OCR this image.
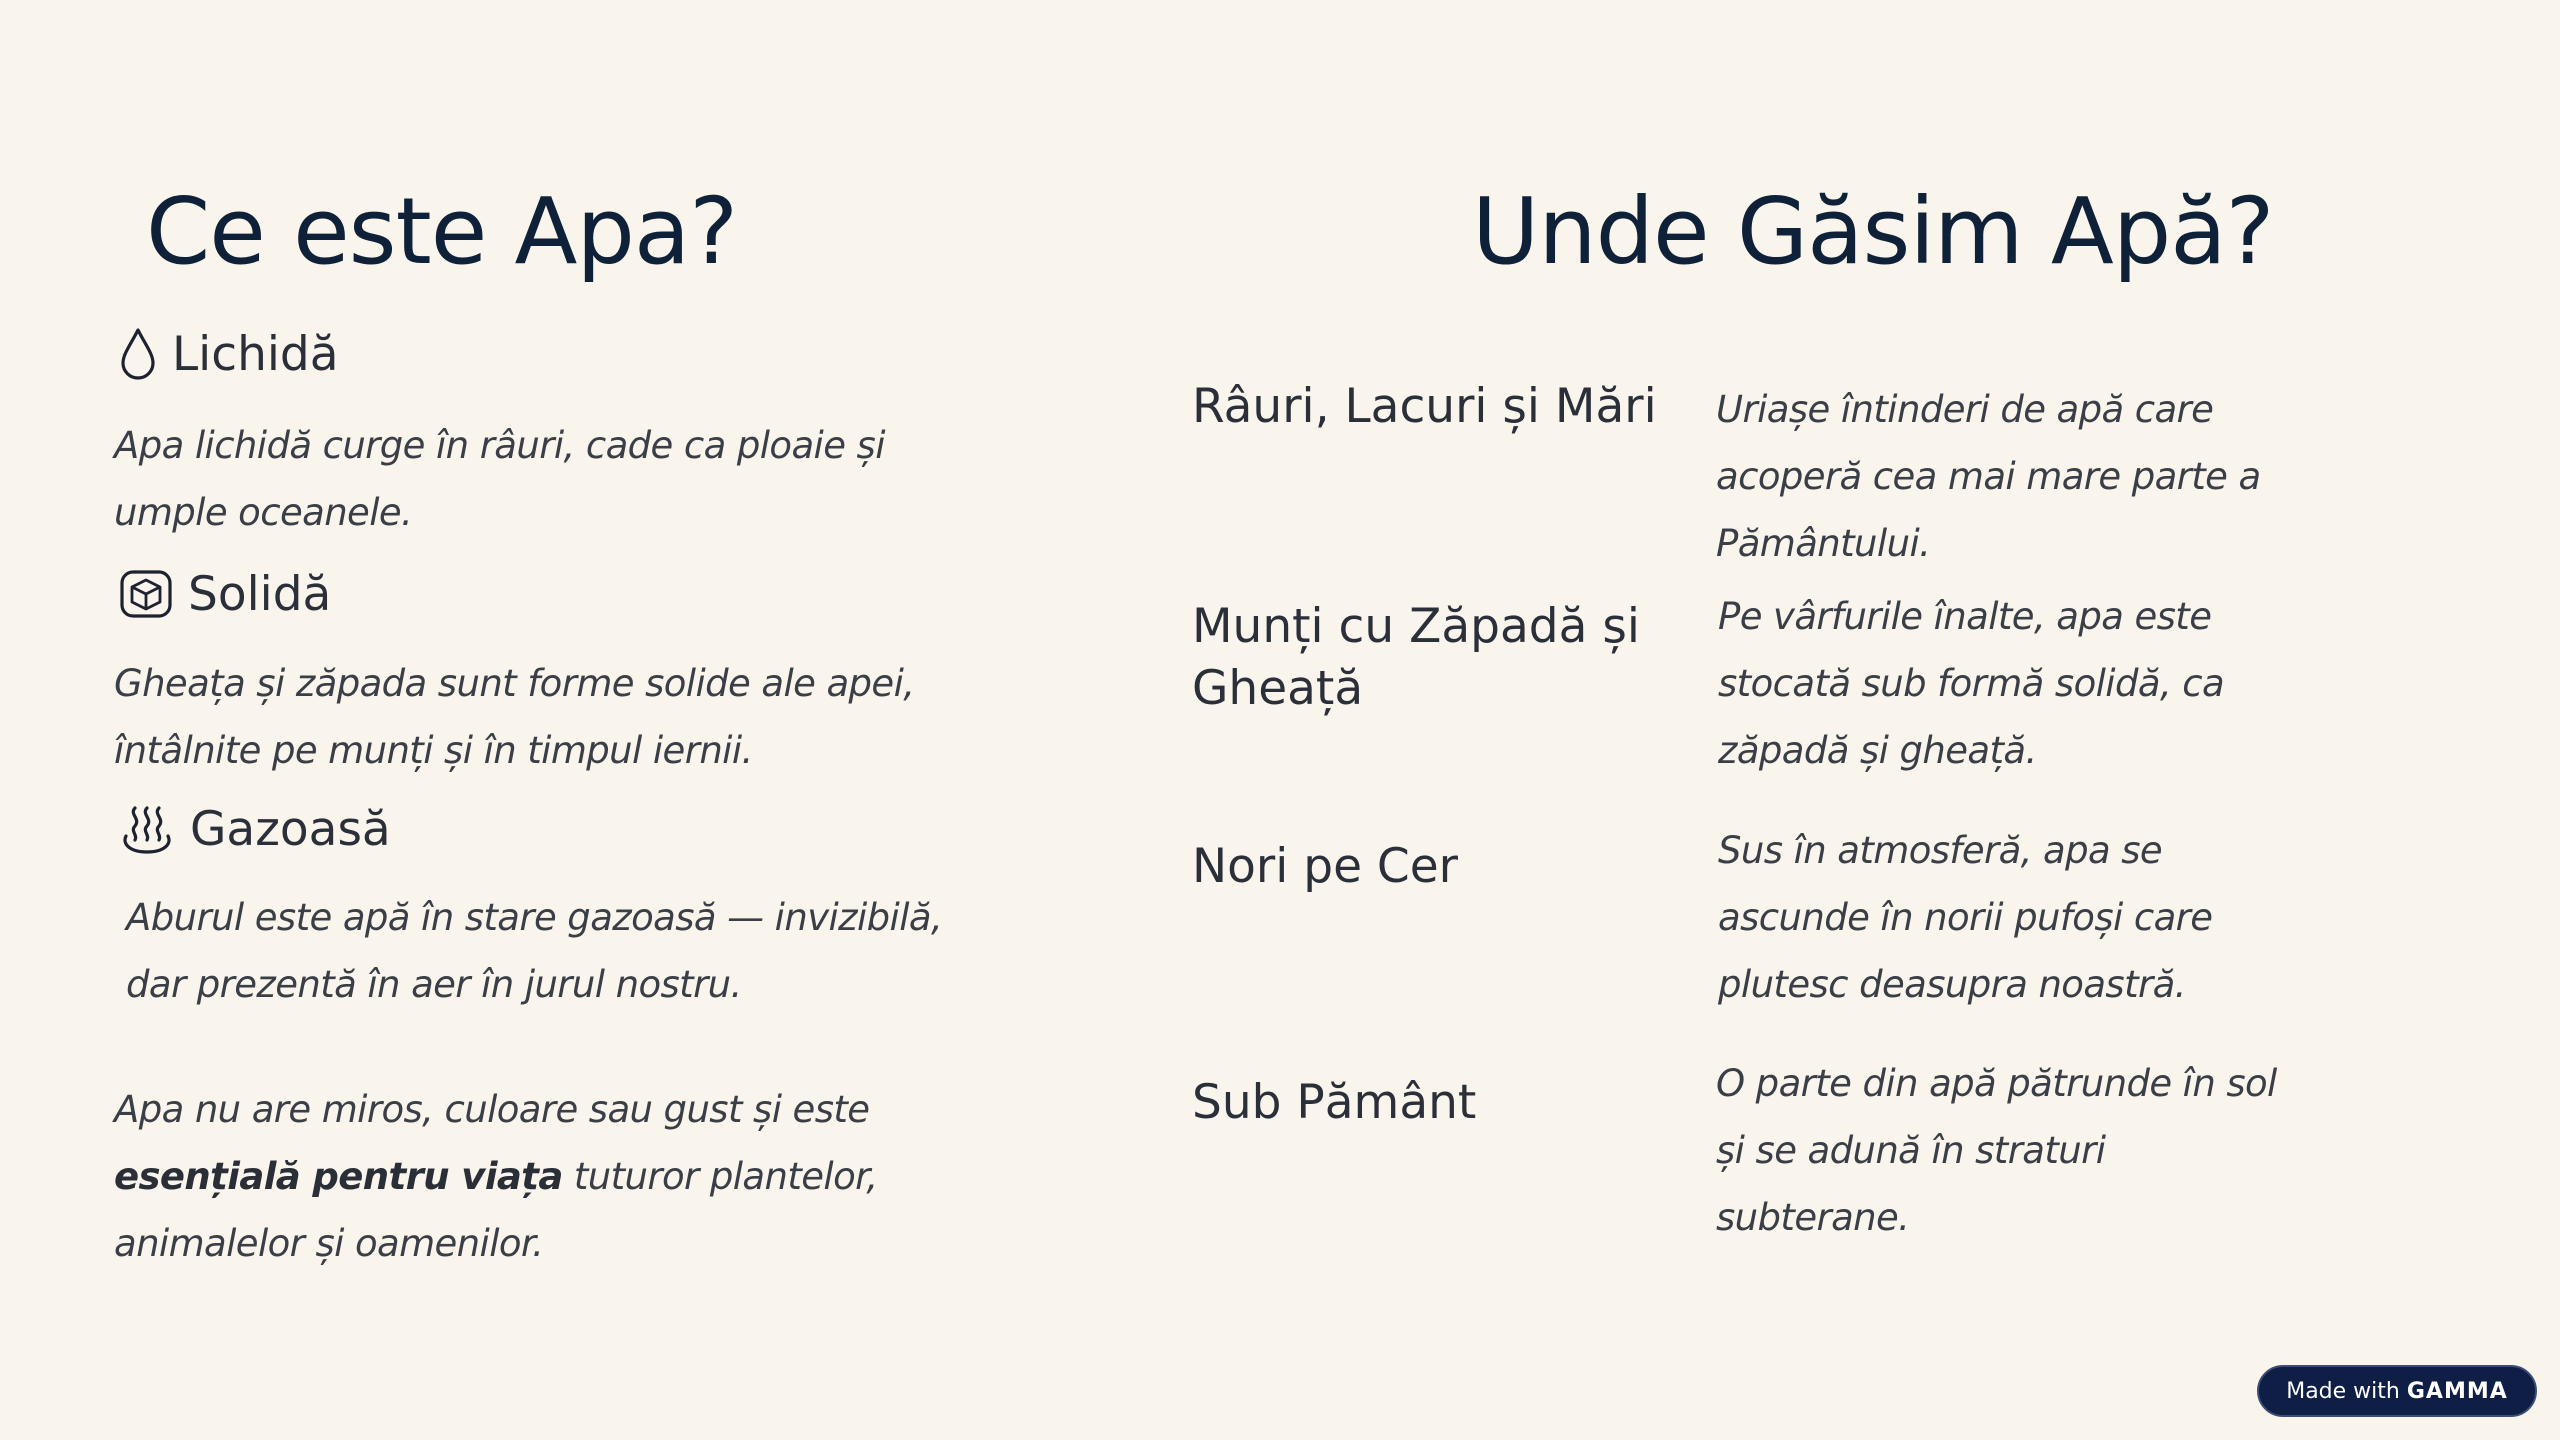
Ce este Apa?
Lichidă
Apa lichidă curge în râuri, cade ca ploaie și umple oceanele.
Solidă
Gheața și zăpada sunt forme solide ale apei, întâlnite pe munți și în timpul iernii.
Gazoasă
Aburul este apă în stare gazoasă — invizibilă, dar prezentă în aer în jurul nostru.
Apa nu are miros, culoare sau gust și este esențială pentru viața tuturor plantelor, animalelor și oamenilor.
Unde Găsim Apă?
Râuri, Lacuri și Mări Uriașe întinderi de apă care acoperă cea mai mare parte a Pământului.
Munți cu Zăpadă și Gheață
Pe vârfurile înalte, apa este stocată sub formă solidă, ca zăpadă și gheață.
Nori pe Cer	Sus în atmosferă, apa se ascunde în norii pufoși care plutesc deasupra noastră.
Sub Pământ	O parte din apă pătrunde în sol și se adună în straturi subterane.
Made with GAMMA
